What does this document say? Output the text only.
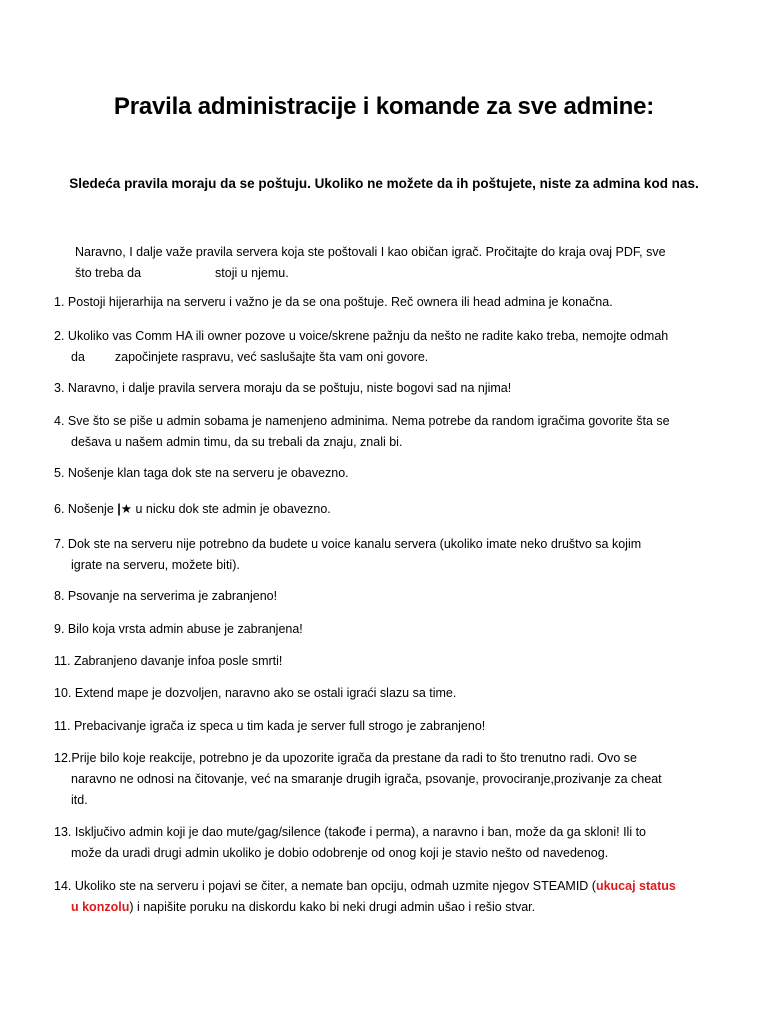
Pravila administracije i komande za sve admine:

Sledeća pravila moraju da se poštuju. Ukoliko ne možete da ih poštujete, niste za admina kod nas.

Naravno, I dalje važe pravila servera koja ste poštovali I kao običan igrač. Pročitajte do kraja ovaj PDF, sve
što treba da	stoji u njemu.

1. Postoji hijerarhija na serveru i važno je da se ona poštuje. Reč ownera ili head admina je konačna.

2. Ukoliko vas Comm HA ili owner pozove u voice/skrene pažnju da nešto ne radite kako treba, nemojte odmah
da započinjete raspravu, već saslušajte šta vam oni govore.

3. Naravno, i dalje pravila servera moraju da se poštuju, niste bogovi sad na njima!

4. Sve što se piše u admin sobama je namenjeno adminima. Nema potrebe da random igračima govorite šta se
dešava u našem admin timu, da su trebali da znaju, znali bi.

5. Nošenje klan taga dok ste na serveru je obavezno.

6. Nošenje |★ u nicku dok ste admin je obavezno.

7. Dok ste na serveru nije potrebno da budete u voice kanalu servera (ukoliko imate neko društvo sa kojim
igrate na serveru, možete biti).

8. Psovanje na serverima je zabranjeno!

9. Bilo koja vrsta admin abuse je zabranjena!

11. Zabranjeno davanje infoa posle smrti!

10. Extend mape je dozvoljen, naravno ako se ostali igraći slazu sa time.

11. Prebacivanje igrača iz speca u tim kada je server full strogo je zabranjeno!

12.Prije bilo koje reakcije, potrebno je da upozorite igrača da prestane da radi to što trenutno radi. Ovo se
naravno ne odnosi na čitovanje, već na smaranje drugih igrača, psovanje, provociranje,prozivanje za cheat
itd.

13. Isključivo admin koji je dao mute/gag/silence (takođe i perma), a naravno i ban, može da ga skloni! Ili to
može da uradi drugi admin ukoliko je dobio odobrenje od onog koji je stavio nešto od navedenog.

14. Ukoliko ste na serveru i pojavi se čiter, a nemate ban opciju, odmah uzmite njegov STEAMID (ukucaj status
u konzolu) i napišite poruku na diskordu kako bi neki drugi admin ušao i rešio stvar.
